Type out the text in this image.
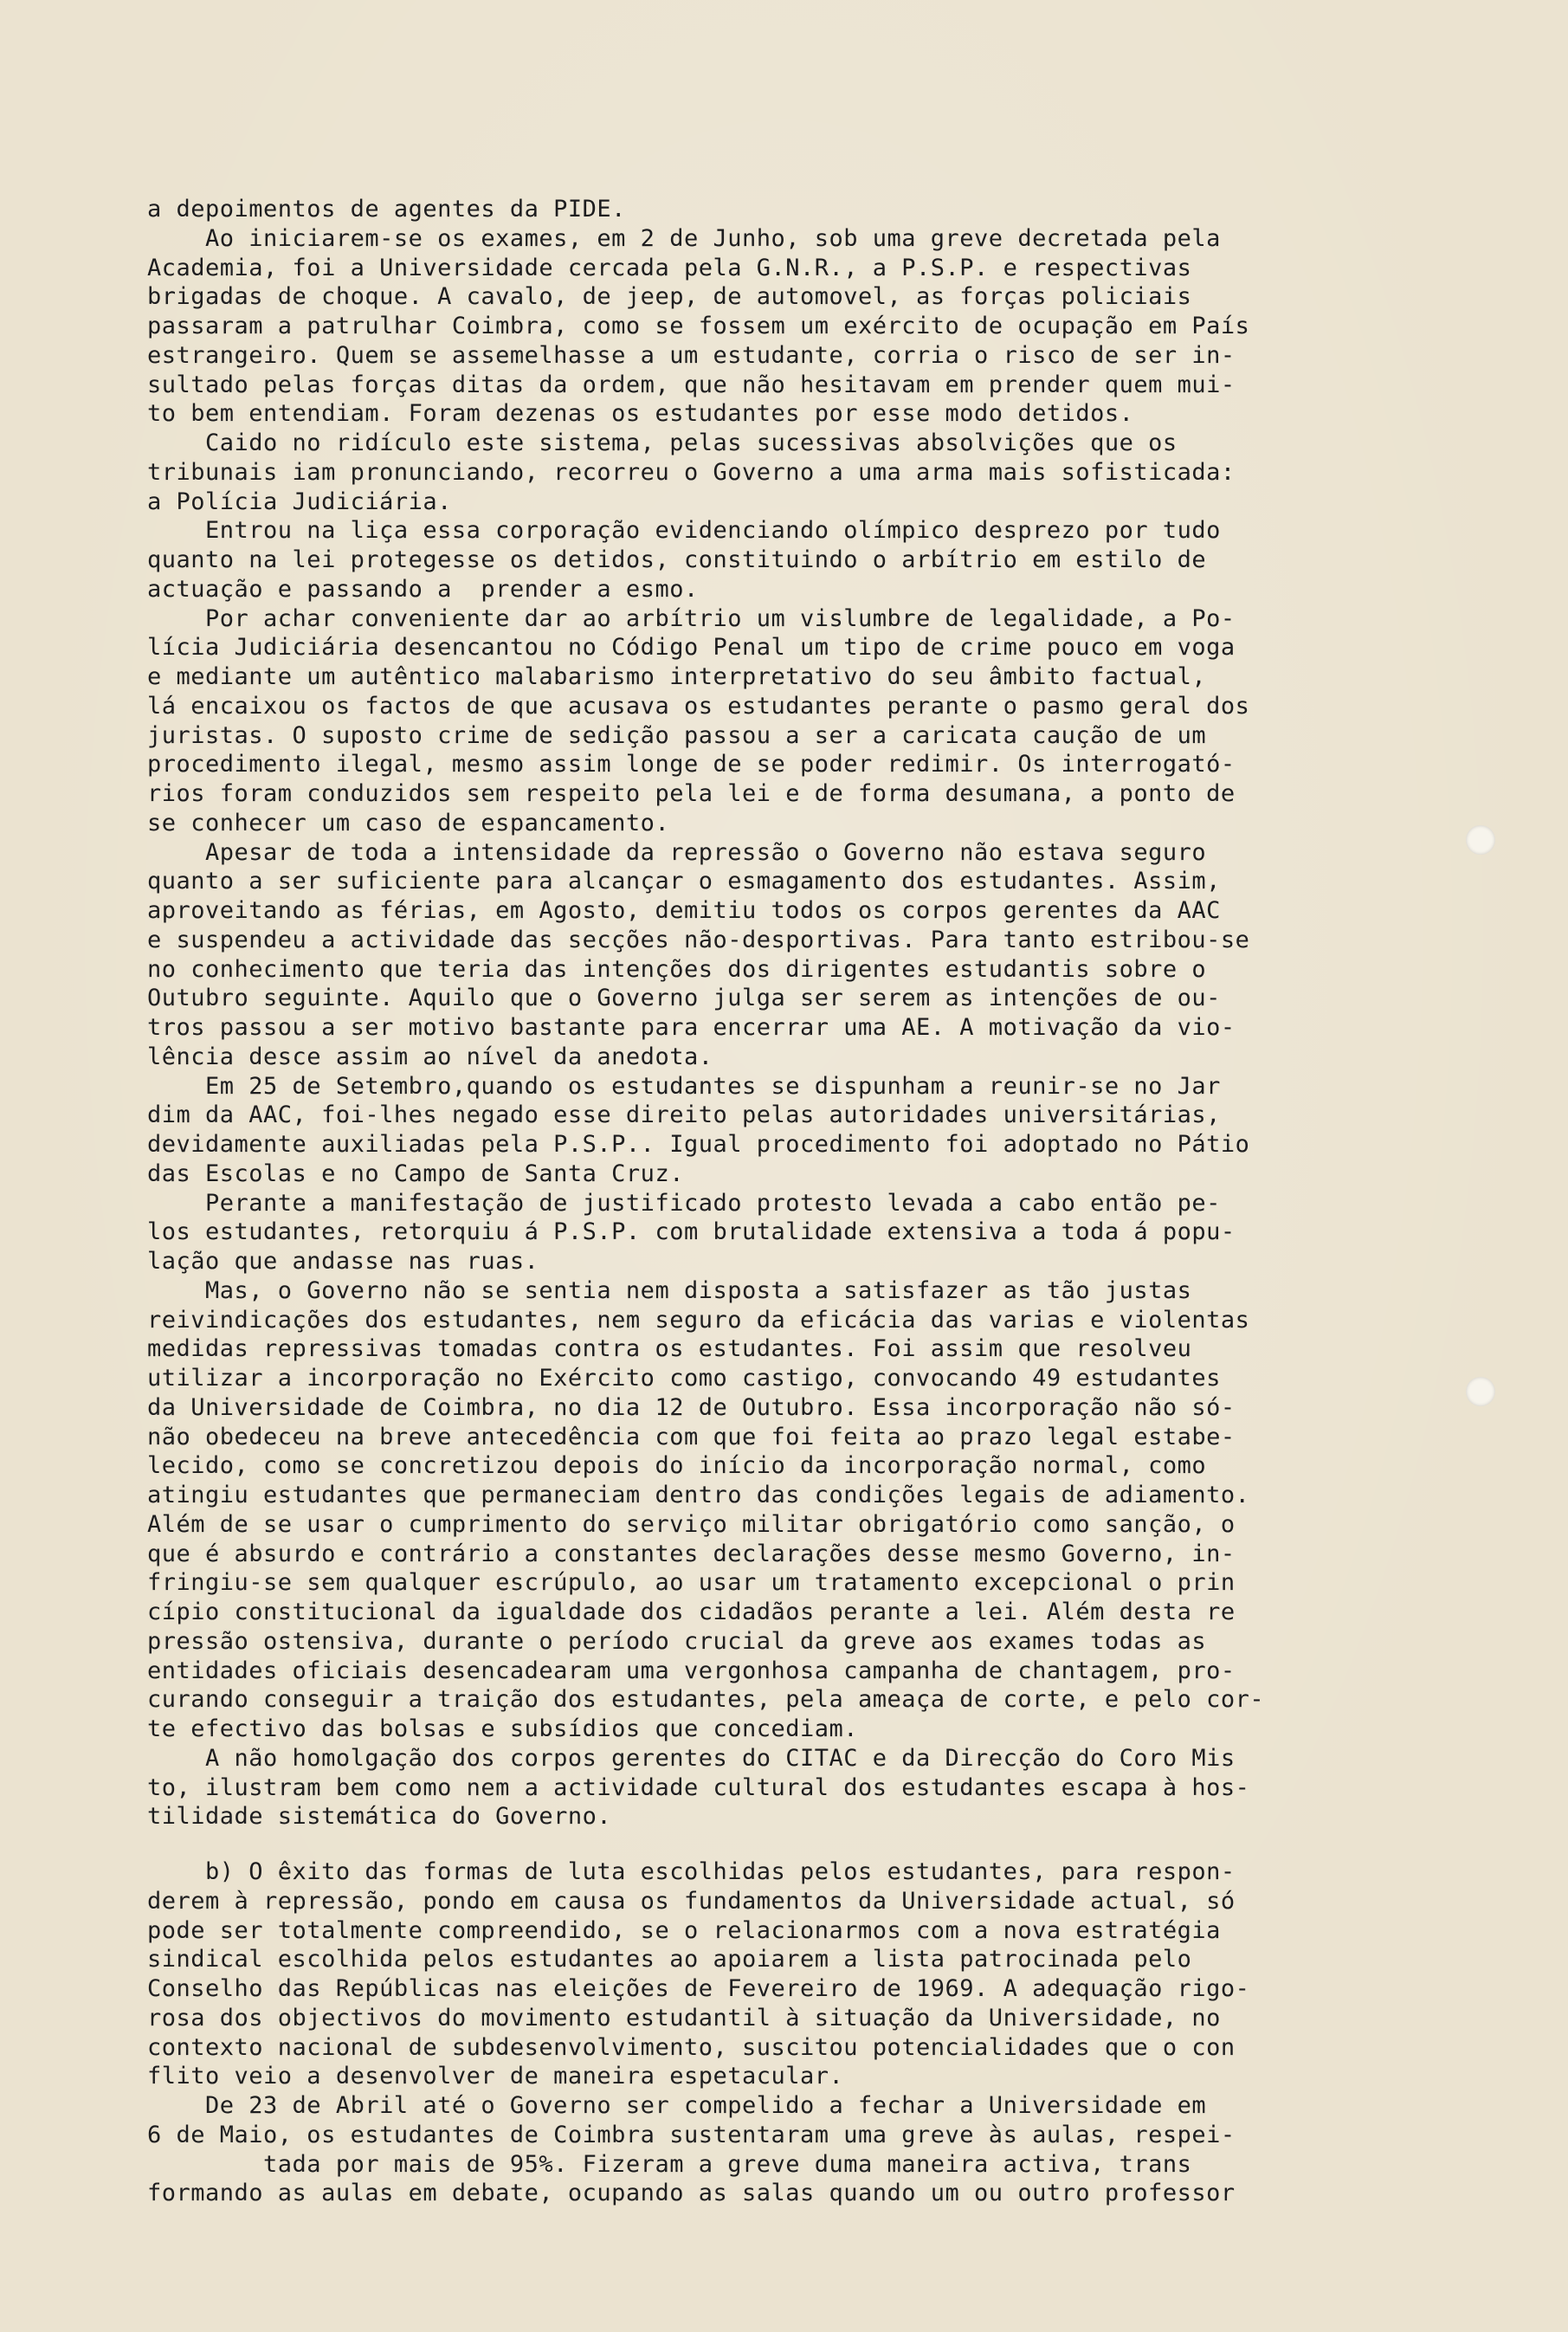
a depoimentos de agentes da PIDE.
Ao iniciarem-se os exames, em 2 de Junho, sob uma greve decretada pela
Academia, foi a Universidade cercada pela G.N.R., a P.S.P. e respectivas
brigadas de choque. A cavalo, de jeep, de automovel, as forças policiais
passaram a patrulhar Coimbra, como se fossem um exército de ocupação em País
estrangeiro. Quem se assemelhasse a um estudante, corria o risco de ser in-
sultado pelas forças ditas da ordem, que não hesitavam em prender quem mui-
to bem entendiam. Foram dezenas os estudantes por esse modo detidos.
Caido no ridículo este sistema, pelas sucessivas absolvições que os
tribunais iam pronunciando, recorreu o Governo a uma arma mais sofisticada:
a Polícia Judiciária.
Entrou na liça essa corporação evidenciando olímpico desprezo por tudo
quanto na lei protegesse os detidos, constituindo o arbítrio em estilo de
actuação e passando a  prender a esmo.
Por achar conveniente dar ao arbítrio um vislumbre de legalidade, a Po-
lícia Judiciária desencantou no Código Penal um tipo de crime pouco em voga
e mediante um autêntico malabarismo interpretativo do seu âmbito factual,
lá encaixou os factos de que acusava os estudantes perante o pasmo geral dos
juristas. O suposto crime de sedição passou a ser a caricata caução de um
procedimento ilegal, mesmo assim longe de se poder redimir. Os interrogató-
rios foram conduzidos sem respeito pela lei e de forma desumana, a ponto de
se conhecer um caso de espancamento.
Apesar de toda a intensidade da repressão o Governo não estava seguro
quanto a ser suficiente para alcançar o esmagamento dos estudantes. Assim,
aproveitando as férias, em Agosto, demitiu todos os corpos gerentes da AAC
e suspendeu a actividade das secções não-desportivas. Para tanto estribou-se
no conhecimento que teria das intenções dos dirigentes estudantis sobre o
Outubro seguinte. Aquilo que o Governo julga ser serem as intenções de ou-
tros passou a ser motivo bastante para encerrar uma AE. A motivação da vio-
lência desce assim ao nível da anedota.
Em 25 de Setembro,quando os estudantes se dispunham a reunir-se no Jar
dim da AAC, foi-lhes negado esse direito pelas autoridades universitárias,
devidamente auxiliadas pela P.S.P.. Igual procedimento foi adoptado no Pátio
das Escolas e no Campo de Santa Cruz.
Perante a manifestação de justificado protesto levada a cabo então pe-
los estudantes, retorquiu á P.S.P. com brutalidade extensiva a toda á popu-
lação que andasse nas ruas.
Mas, o Governo não se sentia nem disposta a satisfazer as tão justas
reivindicações dos estudantes, nem seguro da eficácia das varias e violentas
medidas repressivas tomadas contra os estudantes. Foi assim que resolveu
utilizar a incorporação no Exército como castigo, convocando 49 estudantes
da Universidade de Coimbra, no dia 12 de Outubro. Essa incorporação não só-
não obedeceu na breve antecedência com que foi feita ao prazo legal estabe-
lecido, como se concretizou depois do início da incorporação normal, como
atingiu estudantes que permaneciam dentro das condições legais de adiamento.
Além de se usar o cumprimento do serviço militar obrigatório como sanção, o
que é absurdo e contrário a constantes declarações desse mesmo Governo, in-
fringiu-se sem qualquer escrúpulo, ao usar um tratamento excepcional o prin
cípio constitucional da igualdade dos cidadãos perante a lei. Além desta re
pressão ostensiva, durante o período crucial da greve aos exames todas as
entidades oficiais desencadearam uma vergonhosa campanha de chantagem, pro-
curando conseguir a traição dos estudantes, pela ameaça de corte, e pelo cor-
te efectivo das bolsas e subsídios que concediam.
A não homolgação dos corpos gerentes do CITAC e da Direcção do Coro Mis
to, ilustram bem como nem a actividade cultural dos estudantes escapa à hos-
tilidade sistemática do Governo.
b) O êxito das formas de luta escolhidas pelos estudantes, para respon-
derem à repressão, pondo em causa os fundamentos da Universidade actual, só
pode ser totalmente compreendido, se o relacionarmos com a nova estratégia
sindical escolhida pelos estudantes ao apoiarem a lista patrocinada pelo
Conselho das Repúblicas nas eleições de Fevereiro de 1969. A adequação rigo-
rosa dos objectivos do movimento estudantil à situação da Universidade, no
contexto nacional de subdesenvolvimento, suscitou potencialidades que o con
flito veio a desenvolver de maneira espetacular.
De 23 de Abril até o Governo ser compelido a fechar a Universidade em
6 de Maio, os estudantes de Coimbra sustentaram uma greve às aulas, respei-
tada por mais de 95%. Fizeram a greve duma maneira activa, trans
formando as aulas em debate, ocupando as salas quando um ou outro professor
